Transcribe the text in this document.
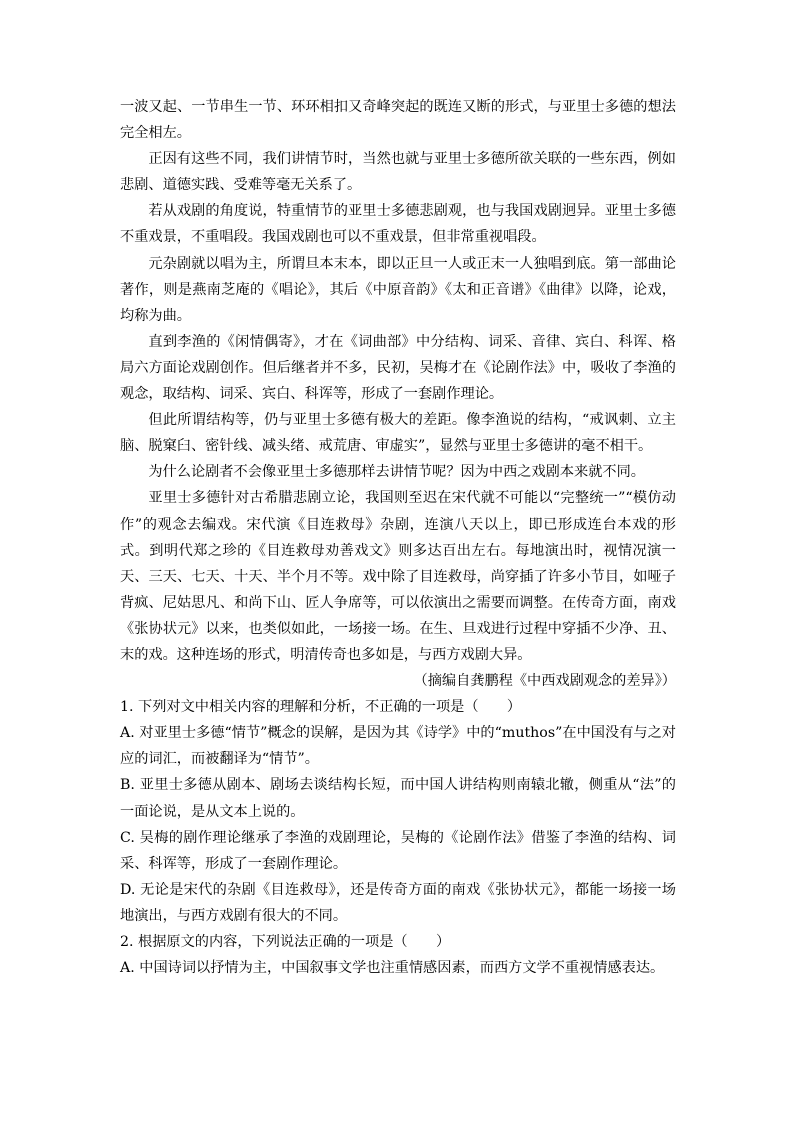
一波又起、一节串生一节、环环相扣又奇峰突起的既连又断的形式，与亚里士多德的想法完全相左。

正因有这些不同，我们讲情节时，当然也就与亚里士多德所欲关联的一些东西，例如悲剧、道德实践、受难等毫无关系了。

若从戏剧的角度说，特重情节的亚里士多德悲剧观，也与我国戏剧迥异。亚里士多德不重戏景，不重唱段。我国戏剧也可以不重戏景，但非常重视唱段。

元杂剧就以唱为主，所谓旦本末本，即以正旦一人或正末一人独唱到底。第一部曲论著作，则是燕南芝庵的《唱论》，其后《中原音韵》《太和正音谱》《曲律》以降，论戏，均称为曲。

直到李渔的《闲情偶寄》，才在《词曲部》中分结构、词采、音律、宾白、科诨、格局六方面论戏剧创作。但后继者并不多，民初，吴梅才在《论剧作法》中，吸收了李渔的观念，取结构、词采、宾白、科诨等，形成了一套剧作理论。

但此所谓结构等，仍与亚里士多德有极大的差距。像李渔说的结构，“戒讽刺、立主脑、脱窠臼、密针线、减头绪、戒荒唐、审虚实”，显然与亚里士多德讲的毫不相干。

为什么论剧者不会像亚里士多德那样去讲情节呢？因为中西之戏剧本来就不同。

亚里士多德针对古希腊悲剧立论，我国则至迟在宋代就不可能以“完整统一”“模仿动作”的观念去编戏。宋代演《目连救母》杂剧，连演八天以上，即已形成连台本戏的形式。到明代郑之珍的《目连救母劝善戏文》则多达百出左右。每地演出时，视情况演一天、三天、七天、十天、半个月不等。戏中除了目连救母，尚穿插了许多小节目，如哑子背疯、尼姑思凡、和尚下山、匠人争席等，可以依演出之需要而调整。在传奇方面，南戏《张协状元》以来，也类似如此，一场接一场。在生、旦戏进行过程中穿插不少净、丑、末的戏。这种连场的形式，明清传奇也多如是，与西方戏剧大异。

（摘编自龚鹏程《中西戏剧观念的差异》）

1. 下列对文中相关内容的理解和分析，不正确的一项是（　　）

A. 对亚里士多德“情节”概念的误解，是因为其《诗学》中的“muthos”在中国没有与之对应的词汇，而被翻译为“情节”。

B. 亚里士多德从剧本、剧场去谈结构长短，而中国人讲结构则南辕北辙，侧重从“法”的一面论说，是从文本上说的。

C. 吴梅的剧作理论继承了李渔的戏剧理论，吴梅的《论剧作法》借鉴了李渔的结构、词采、科诨等，形成了一套剧作理论。

D. 无论是宋代的杂剧《目连救母》，还是传奇方面的南戏《张协状元》，都能一场接一场地演出，与西方戏剧有很大的不同。

2. 根据原文的内容，下列说法正确的一项是（　　）

A. 中国诗词以抒情为主，中国叙事文学也注重情感因素，而西方文学不重视情感表达。
